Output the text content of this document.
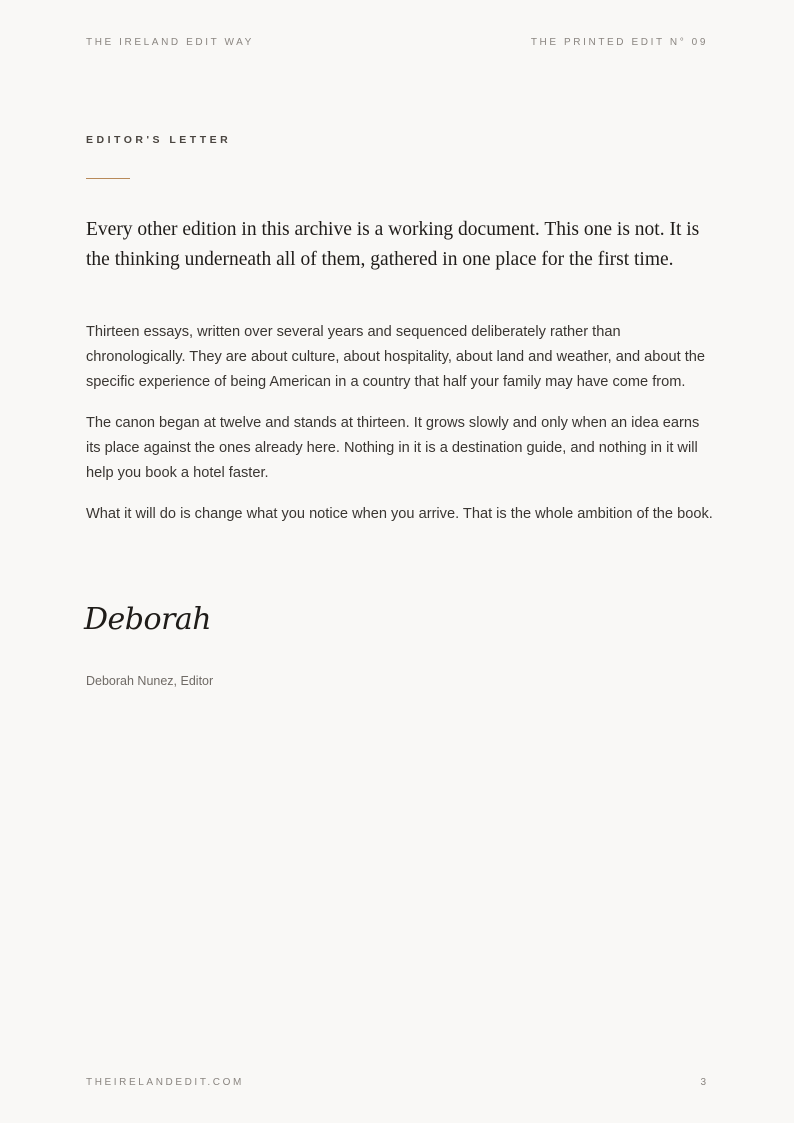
THE IRELAND EDIT WAY	THE PRINTED EDIT N° 09
EDITOR'S LETTER

Every other edition in this archive is a working document. This one is not. It is the thinking underneath all of them, gathered in one place for the first time.

Thirteen essays, written over several years and sequenced deliberately rather than chronologically. They are about culture, about hospitality, about land and weather, and about the specific experience of being American in a country that half your family may have come from.

The canon began at twelve and stands at thirteen. It grows slowly and only when an idea earns its place against the ones already here. Nothing in it is a destination guide, and nothing in it will help you book a hotel faster.

What it will do is change what you notice when you arrive. That is the whole ambition of the book.

Deborah
Deborah Nunez, Editor
THEIRELANDEDIT.COM	3
